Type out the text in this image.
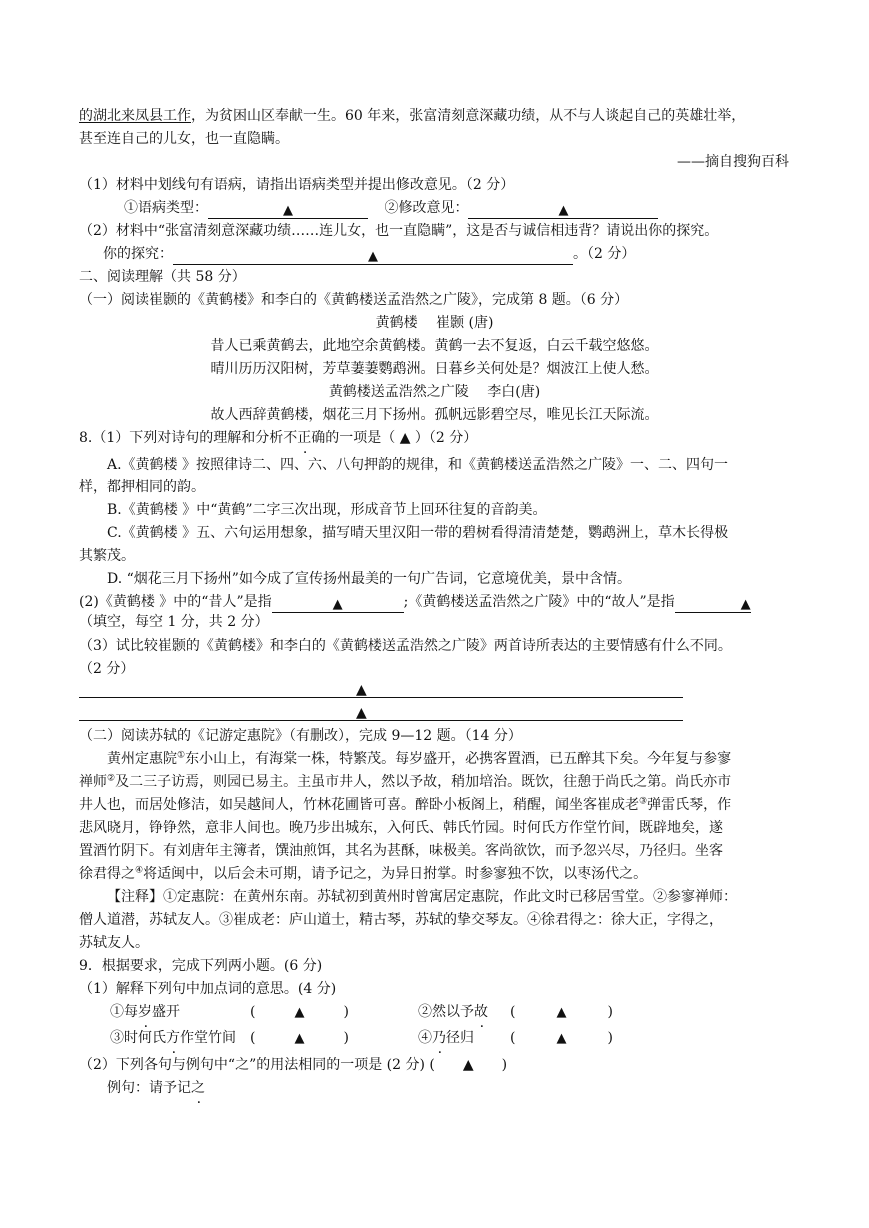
的湖北来凤县工作，为贫困山区奉献一生。60 年来，张富清刻意深藏功绩，从不与人谈起自己的英雄壮举，
甚至连自己的儿女，也一直隐瞒。
——摘自搜狗百科
（1）材料中划线句有语病，请指出语病类型并提出修改意见。（2 分）
①语病类型：	▲	②修改意见：	▲
（2）材料中“张富清刻意深藏功绩……连儿女，也一直隐瞒”，这是否与诚信相违背？请说出你的探究。
你的探究：	▲	。（2 分）
二、阅读理解（共 58 分）
（一）阅读崔颢的《黄鹤楼》和李白的《黄鹤楼送孟浩然之广陵》，完成第 8 题。（6 分）
黄鹤楼　 崔颢 (唐)
昔人已乘黄鹤去，此地空余黄鹤楼。黄鹤一去不复返，白云千载空悠悠。
晴川历历汉阳树，芳草萋萋鹦鹉洲。日暮乡关何处是？烟波江上使人愁。
黄鹤楼送孟浩然之广陵　 李白(唐)
故人西辞黄鹤楼，烟花三月下扬州。孤帆远影碧空尽，唯见长江天际流。
8.（1）下列对诗句的理解和分析不正确的一项是（ ▲ ）（2 分）
A.《黄鹤楼 》按照律诗二、四、六、八句押韵的规律，和《黄鹤楼送孟浩然之广陵》一、二、四句一
样，都押相同的韵。
B.《黄鹤楼 》中“黄鹤”二字三次出现，形成音节上回环往复的音韵美。
C.《黄鹤楼 》五、六句运用想象，描写晴天里汉阳一带的碧树看得清清楚楚，鹦鹉洲上，草木长得极
其繁茂。
D. “烟花三月下扬州”如今成了宣传扬州最美的一句广告词，它意境优美，景中含情。
(2)《黄鹤楼 》中的“昔人”是指	▲	;《黄鹤楼送孟浩然之广陵》中的“故人”是指	▲
（填空，每空 1 分，共 2 分）
（3）试比较崔颢的《黄鹤楼》和李白的《黄鹤楼送孟浩然之广陵》两首诗所表达的主要情感有什么不同。
（2 分）
▲
▲
（二）阅读苏轼的《记游定惠院》（有删改），完成 9—12 题。（14 分）
黄州定惠院①东小山上，有海棠一株，特繁茂。每岁盛开，必携客置酒，已五醉其下矣。今年复与参寥
禅师②及二三子访焉，则园已易主。主虽市井人，然以予故，稍加培治。既饮，往憩于尚氏之第。尚氏亦市
井人也，而居处修洁，如吴越间人，竹林花圃皆可喜。醉卧小板阁上，稍醒，闻坐客崔成老③弹雷氏琴，作
悲风晓月，铮铮然，意非人间也。晚乃步出城东，入何氏、韩氏竹园。时何氏方作堂竹间，既辟地矣，遂
置酒竹阴下。有刘唐年主簿者，馔油煎饵，其名为甚酥，味极美。客尚欲饮，而予忽兴尽，乃径归。坐客
徐君得之④将适闽中，以后会未可期，请予记之，为异日拊掌。时参寥独不饮，以枣汤代之。
【注释】①定惠院：在黄州东南。苏轼初到黄州时曾寓居定惠院，作此文时已移居雪堂。②参寥禅师：
僧人道潜，苏轼友人。③崔成老：庐山道士，精古琴，苏轼的挚交琴友。④徐君得之：徐大正，字得之，
苏轼友人。
9．根据要求，完成下列两小题。(6 分)
（1）解释下列句中加点词的意思。(4 分)
①每岁盛开	(	▲	)	②然以予故 (	▲	)
③时何氏方作堂竹间 (	▲	)	④乃径归	(	▲	)
（2）下列各句与例句中“之”的用法相同的一项是 (2 分) (　　▲　　)
例句：请予记之
